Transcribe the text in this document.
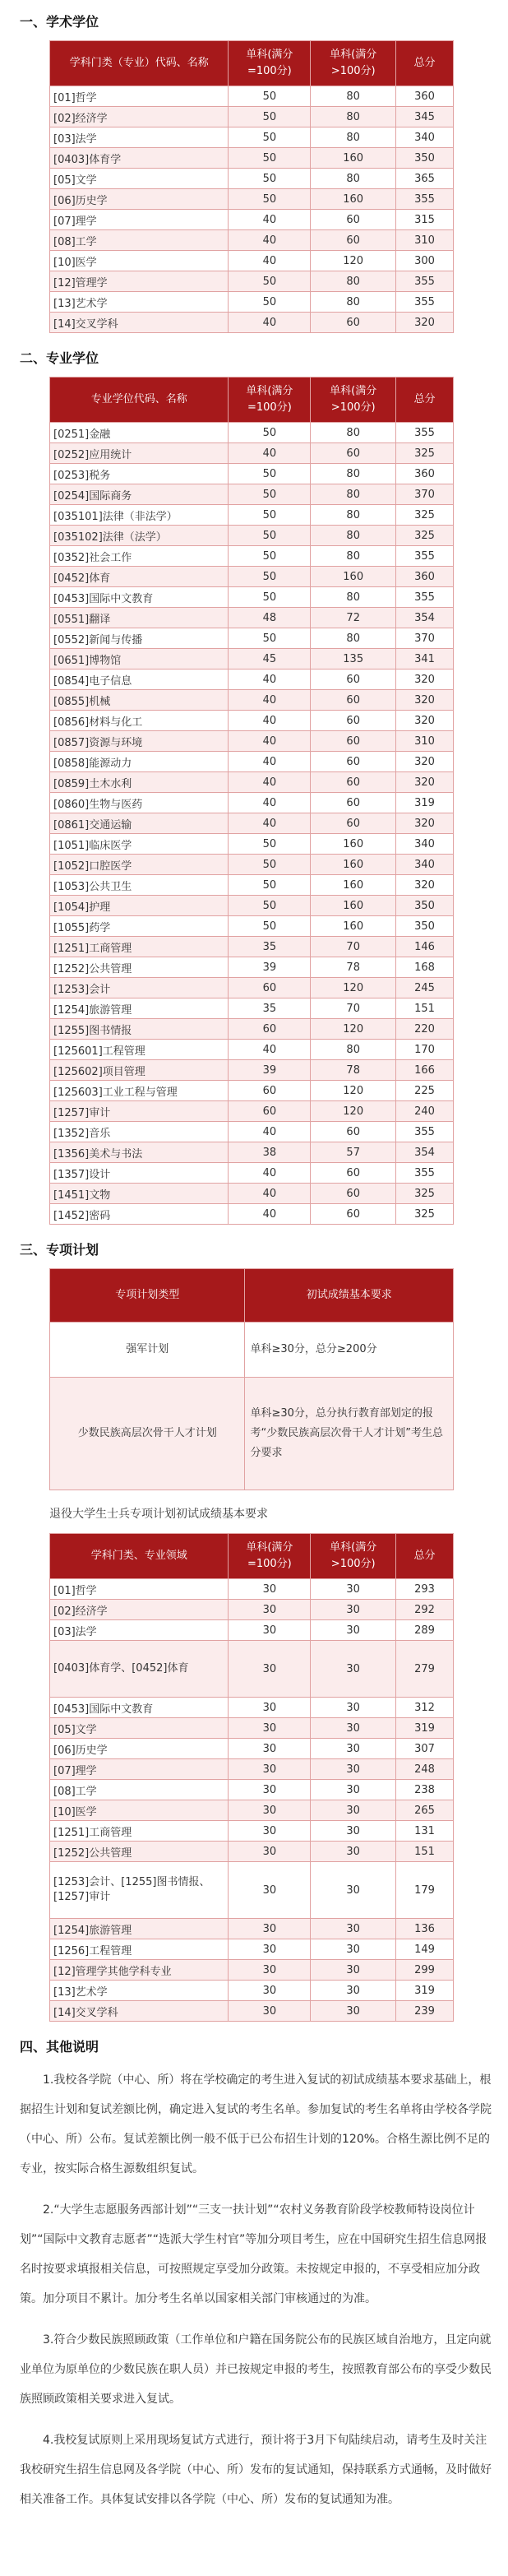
一、学术学位
学科门类（专业）代码、名称	单科(满分=100分)	单科(满分>100分)	总分
[01]哲学	50	80	360
[02]经济学	50	80	345
[03]法学	50	80	340
[0403]体育学	50	160	350
[05]文学	50	80	365
[06]历史学	50	160	355
[07]理学	40	60	315
[08]工学	40	60	310
[10]医学	40	120	300
[12]管理学	50	80	355
[13]艺术学	50	80	355
[14]交叉学科	40	60	320
二、专业学位
专业学位代码、名称	单科(满分=100分)	单科(满分>100分)	总分
[0251]金融	50	80	355
[0252]应用统计	40	60	325
[0253]税务	50	80	360
[0254]国际商务	50	80	370
[035101]法律（非法学）	50	80	325
[035102]法律（法学）	50	80	325
[0352]社会工作	50	80	355
[0452]体育	50	160	360
[0453]国际中文教育	50	80	355
[0551]翻译	48	72	354
[0552]新闻与传播	50	80	370
[0651]博物馆	45	135	341
[0854]电子信息	40	60	320
[0855]机械	40	60	320
[0856]材料与化工	40	60	320
[0857]资源与环境	40	60	310
[0858]能源动力	40	60	320
[0859]土木水利	40	60	320
[0860]生物与医药	40	60	319
[0861]交通运输	40	60	320
[1051]临床医学	50	160	340
[1052]口腔医学	50	160	340
[1053]公共卫生	50	160	320
[1054]护理	50	160	350
[1055]药学	50	160	350
[1251]工商管理	35	70	146
[1252]公共管理	39	78	168
[1253]会计	60	120	245
[1254]旅游管理	35	70	151
[1255]图书情报	60	120	220
[125601]工程管理	40	80	170
[125602]项目管理	39	78	166
[125603]工业工程与管理	60	120	225
[1257]审计	60	120	240
[1352]音乐	40	60	355
[1356]美术与书法	38	57	354
[1357]设计	40	60	355
[1451]文物	40	60	325
[1452]密码	40	60	325
三、专项计划
专项计划类型	初试成绩基本要求
强军计划	单科≥30分，总分≥200分
少数民族高层次骨干人才计划	单科≥30分，总分执行教育部划定的报考“少数民族高层次骨干人才计划”考生总分要求
退役大学生士兵专项计划初试成绩基本要求
学科门类、专业领域	单科(满分=100分)	单科(满分>100分)	总分
[01]哲学	30	30	293
[02]经济学	30	30	292
[03]法学	30	30	289
[0403]体育学、[0452]体育	30	30	279
[0453]国际中文教育	30	30	312
[05]文学	30	30	319
[06]历史学	30	30	307
[07]理学	30	30	248
[08]工学	30	30	238
[10]医学	30	30	265
[1251]工商管理	30	30	131
[1252]公共管理	30	30	151
[1253]会计、[1255]图书情报、[1257]审计	30	30	179
[1254]旅游管理	30	30	136
[1256]工程管理	30	30	149
[12]管理学其他学科专业	30	30	299
[13]艺术学	30	30	319
[14]交叉学科	30	30	239
四、其他说明

1.我校各学院（中心、所）将在学校确定的考生进入复试的初试成绩基本要求基础上，根据招生计划和复试差额比例，确定进入复试的考生名单。参加复试的考生名单将由学校各学院（中心、所）公布。复试差额比例一般不低于已公布招生计划的120%。合格生源比例不足的专业，按实际合格生源数组织复试。

2.“大学生志愿服务西部计划”“三支一扶计划”“农村义务教育阶段学校教师特设岗位计划”“国际中文教育志愿者”“选派大学生村官”等加分项目考生，应在中国研究生招生信息网报名时按要求填报相关信息，可按照规定享受加分政策。未按规定申报的，不享受相应加分政策。加分项目不累计。加分考生名单以国家相关部门审核通过的为准。

3.符合少数民族照顾政策（工作单位和户籍在国务院公布的民族区域自治地方，且定向就业单位为原单位的少数民族在职人员）并已按规定申报的考生，按照教育部公布的享受少数民族照顾政策相关要求进入复试。

4.我校复试原则上采用现场复试方式进行，预计将于3月下旬陆续启动，请考生及时关注我校研究生招生信息网及各学院（中心、所）发布的复试通知，保持联系方式通畅，及时做好相关准备工作。具体复试安排以各学院（中心、所）发布的复试通知为准。
